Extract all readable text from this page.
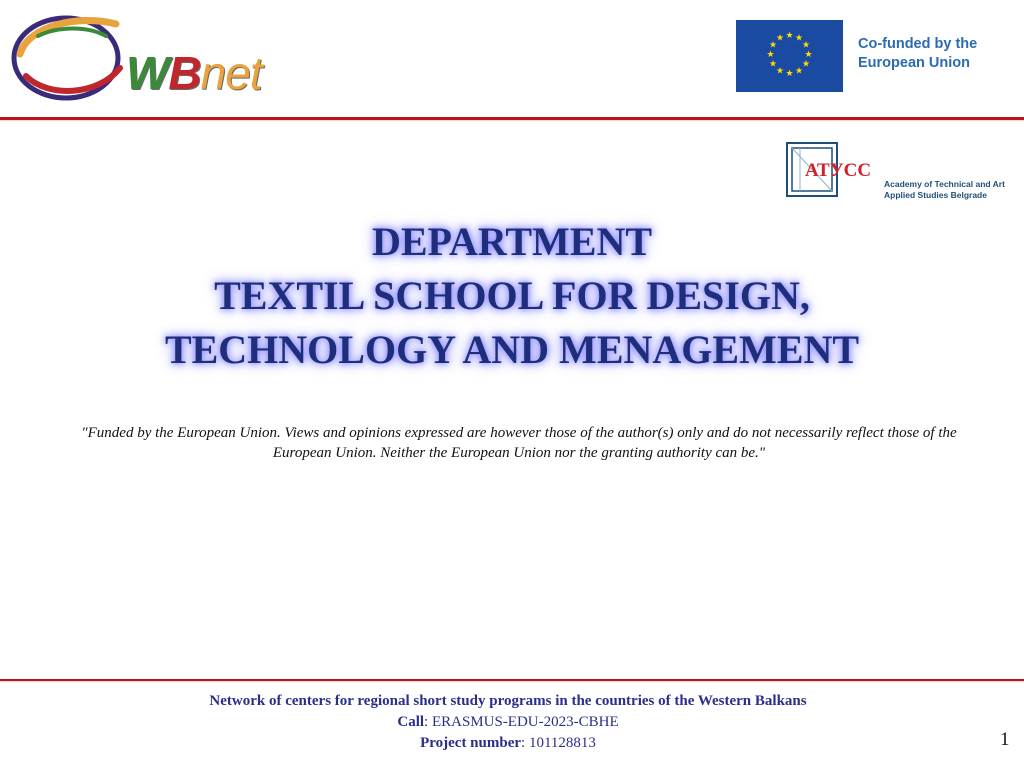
WBnet
★ ★
★
★
★
★
★
★
★
★
★
★	Co-funded by the
European Union
АТУСС
Academy of Technical and Art
Applied Studies Belgrade
DEPARTMENT
TEXTIL SCHOOL FOR DESIGN,
TECHNOLOGY AND MENAGEMENT
"Funded by the European Union. Views and opinions expressed are however those of the author(s) only and do not necessarily reflect those of the European Union. Neither the European Union nor the granting authority can be."
Network of centers for regional short study programs in the countries of the Western Balkans
Call: ERASMUS-EDU-2023-CBHE
Project number: 101128813	1
